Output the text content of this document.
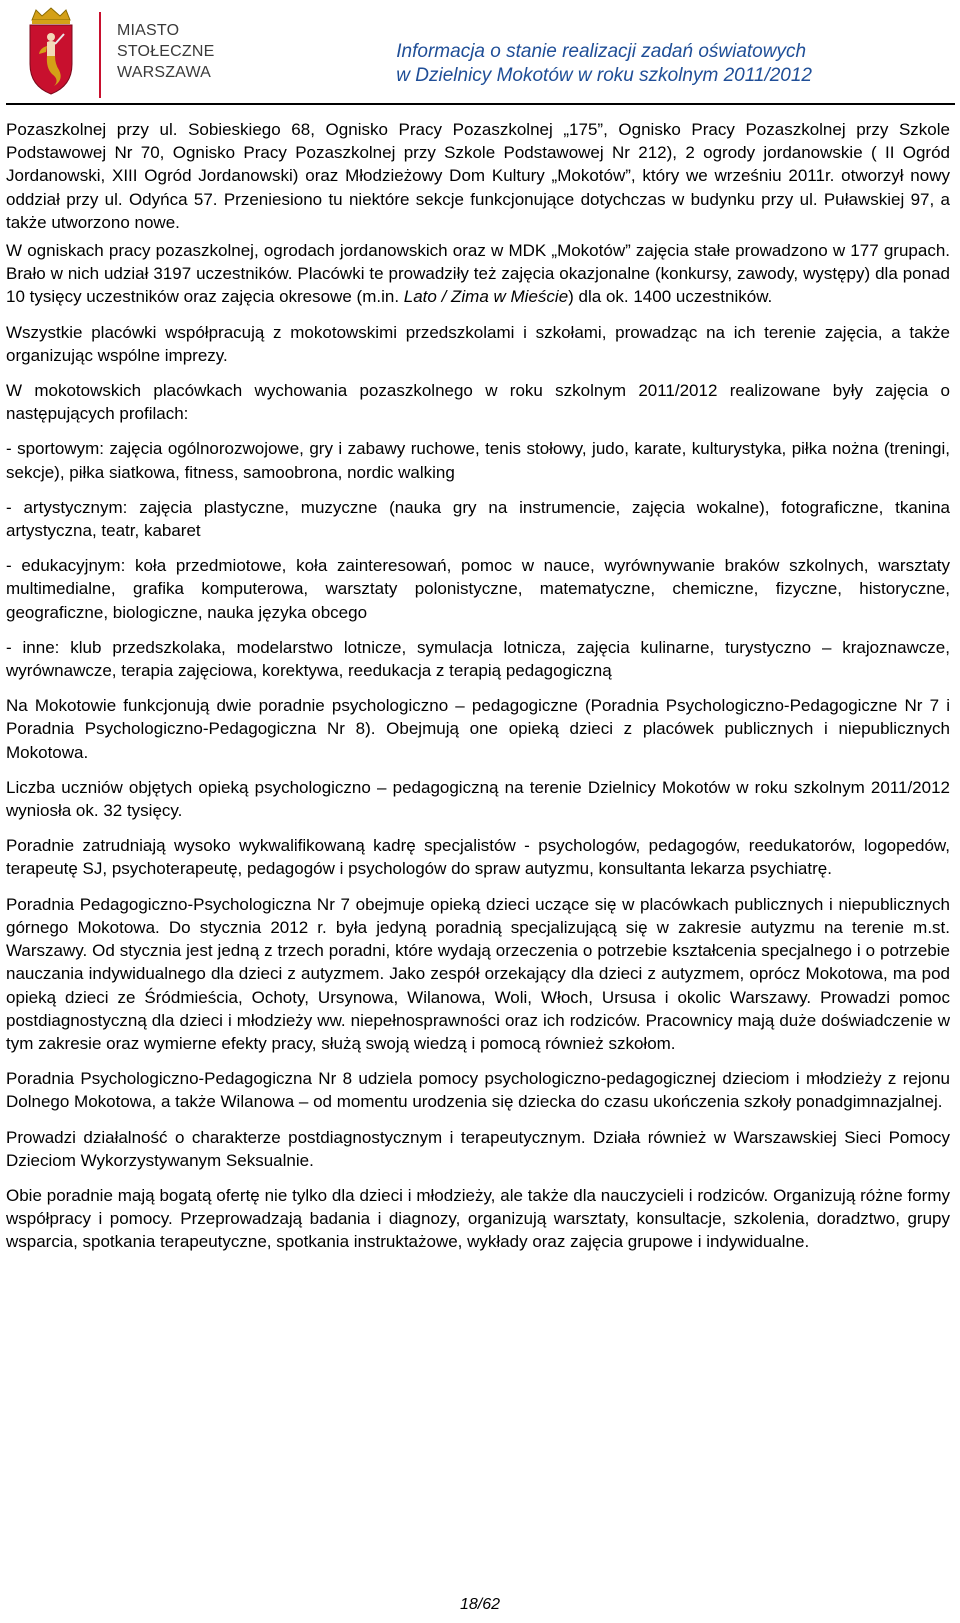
MIASTO
STOŁECZNE
WARSZAWA
Informacja o stanie realizacji zadań oświatowych
w Dzielnicy Mokotów w roku szkolnym 2011/2012

Pozaszkolnej przy ul. Sobieskiego 68, Ognisko Pracy Pozaszkolnej „175”, Ognisko Pracy Pozaszkolnej przy Szkole Podstawowej Nr 70, Ognisko Pracy Pozaszkolnej przy Szkole Podstawowej Nr 212), 2 ogrody jordanowskie ( II Ogród Jordanowski, XIII Ogród Jordanowski) oraz Młodzieżowy Dom Kultury „Mokotów”, który we wrześniu 2011r. otworzył nowy oddział przy ul. Odyńca 57. Przeniesiono tu niektóre sekcje funkcjonujące dotychczas w budynku przy ul. Puławskiej 97, a także utworzono nowe.

W ogniskach pracy pozaszkolnej, ogrodach jordanowskich oraz w MDK „Mokotów” zajęcia stałe prowadzono w 177 grupach. Brało w nich udział 3197 uczestników. Placówki te prowadziły też zajęcia okazjonalne (konkursy, zawody, występy) dla ponad 10 tysięcy uczestników oraz zajęcia okresowe (m.in. Lato / Zima w Mieście) dla ok. 1400 uczestników.

Wszystkie placówki współpracują z mokotowskimi przedszkolami i szkołami, prowadząc na ich terenie zajęcia, a także organizując wspólne imprezy.

W mokotowskich placówkach wychowania pozaszkolnego w roku szkolnym 2011/2012 realizowane były zajęcia o następujących profilach:

- sportowym: zajęcia ogólnorozwojowe, gry i zabawy ruchowe, tenis stołowy, judo, karate, kulturystyka, piłka nożna (treningi, sekcje), piłka siatkowa, fitness, samoobrona, nordic walking

- artystycznym: zajęcia plastyczne, muzyczne (nauka gry na instrumencie, zajęcia wokalne), fotograficzne, tkanina artystyczna, teatr, kabaret

- edukacyjnym: koła przedmiotowe, koła zainteresowań, pomoc w nauce, wyrównywanie braków szkolnych, warsztaty multimedialne, grafika komputerowa, warsztaty polonistyczne, matematyczne, chemiczne, fizyczne, historyczne, geograficzne, biologiczne, nauka języka obcego

- inne: klub przedszkolaka, modelarstwo lotnicze, symulacja lotnicza, zajęcia kulinarne, turystyczno – krajoznawcze, wyrównawcze, terapia zajęciowa, korektywa, reedukacja z terapią pedagogiczną

Na Mokotowie funkcjonują dwie poradnie psychologiczno – pedagogiczne (Poradnia Psychologiczno-Pedagogiczne Nr 7 i Poradnia Psychologiczno-Pedagogiczna Nr 8). Obejmują one opieką dzieci z placówek publicznych i niepublicznych Mokotowa.

Liczba uczniów objętych opieką psychologiczno – pedagogiczną na terenie Dzielnicy Mokotów w roku szkolnym 2011/2012 wyniosła ok. 32 tysięcy.

Poradnie zatrudniają wysoko wykwalifikowaną kadrę specjalistów - psychologów, pedagogów, reedukatorów, logopedów, terapeutę SJ, psychoterapeutę, pedagogów i psychologów do spraw autyzmu, konsultanta lekarza psychiatrę.

Poradnia Pedagogiczno-Psychologiczna Nr 7 obejmuje opieką dzieci uczące się w placówkach publicznych i niepublicznych górnego Mokotowa. Do stycznia 2012 r. była jedyną poradnią specjalizującą się w zakresie autyzmu na terenie m.st. Warszawy. Od stycznia jest jedną z trzech poradni, które wydają orzeczenia o potrzebie kształcenia specjalnego i o potrzebie nauczania indywidualnego dla dzieci z autyzmem. Jako zespół orzekający dla dzieci z autyzmem, oprócz Mokotowa, ma pod opieką dzieci ze Śródmieścia, Ochoty, Ursynowa, Wilanowa, Woli, Włoch, Ursusa i okolic Warszawy. Prowadzi pomoc postdiagnostyczną dla dzieci i młodzieży ww. niepełnosprawności oraz ich rodziców. Pracownicy mają duże doświadczenie w tym zakresie oraz wymierne efekty pracy, służą swoją wiedzą i pomocą również szkołom.

Poradnia Psychologiczno-Pedagogiczna Nr 8 udziela pomocy psychologiczno-pedagogicznej dzieciom i młodzieży z rejonu Dolnego Mokotowa, a także Wilanowa – od momentu urodzenia się dziecka do czasu ukończenia szkoły ponadgimnazjalnej.

Prowadzi działalność o charakterze postdiagnostycznym i terapeutycznym. Działa również w Warszawskiej Sieci Pomocy Dzieciom Wykorzystywanym Seksualnie.

Obie poradnie mają bogatą ofertę nie tylko dla dzieci i młodzieży, ale także dla nauczycieli i rodziców. Organizują różne formy współpracy i pomocy. Przeprowadzają badania i diagnozy, organizują warsztaty, konsultacje, szkolenia, doradztwo, grupy wsparcia, spotkania terapeutyczne, spotkania instruktażowe, wykłady oraz zajęcia grupowe i indywidualne.

18/62
